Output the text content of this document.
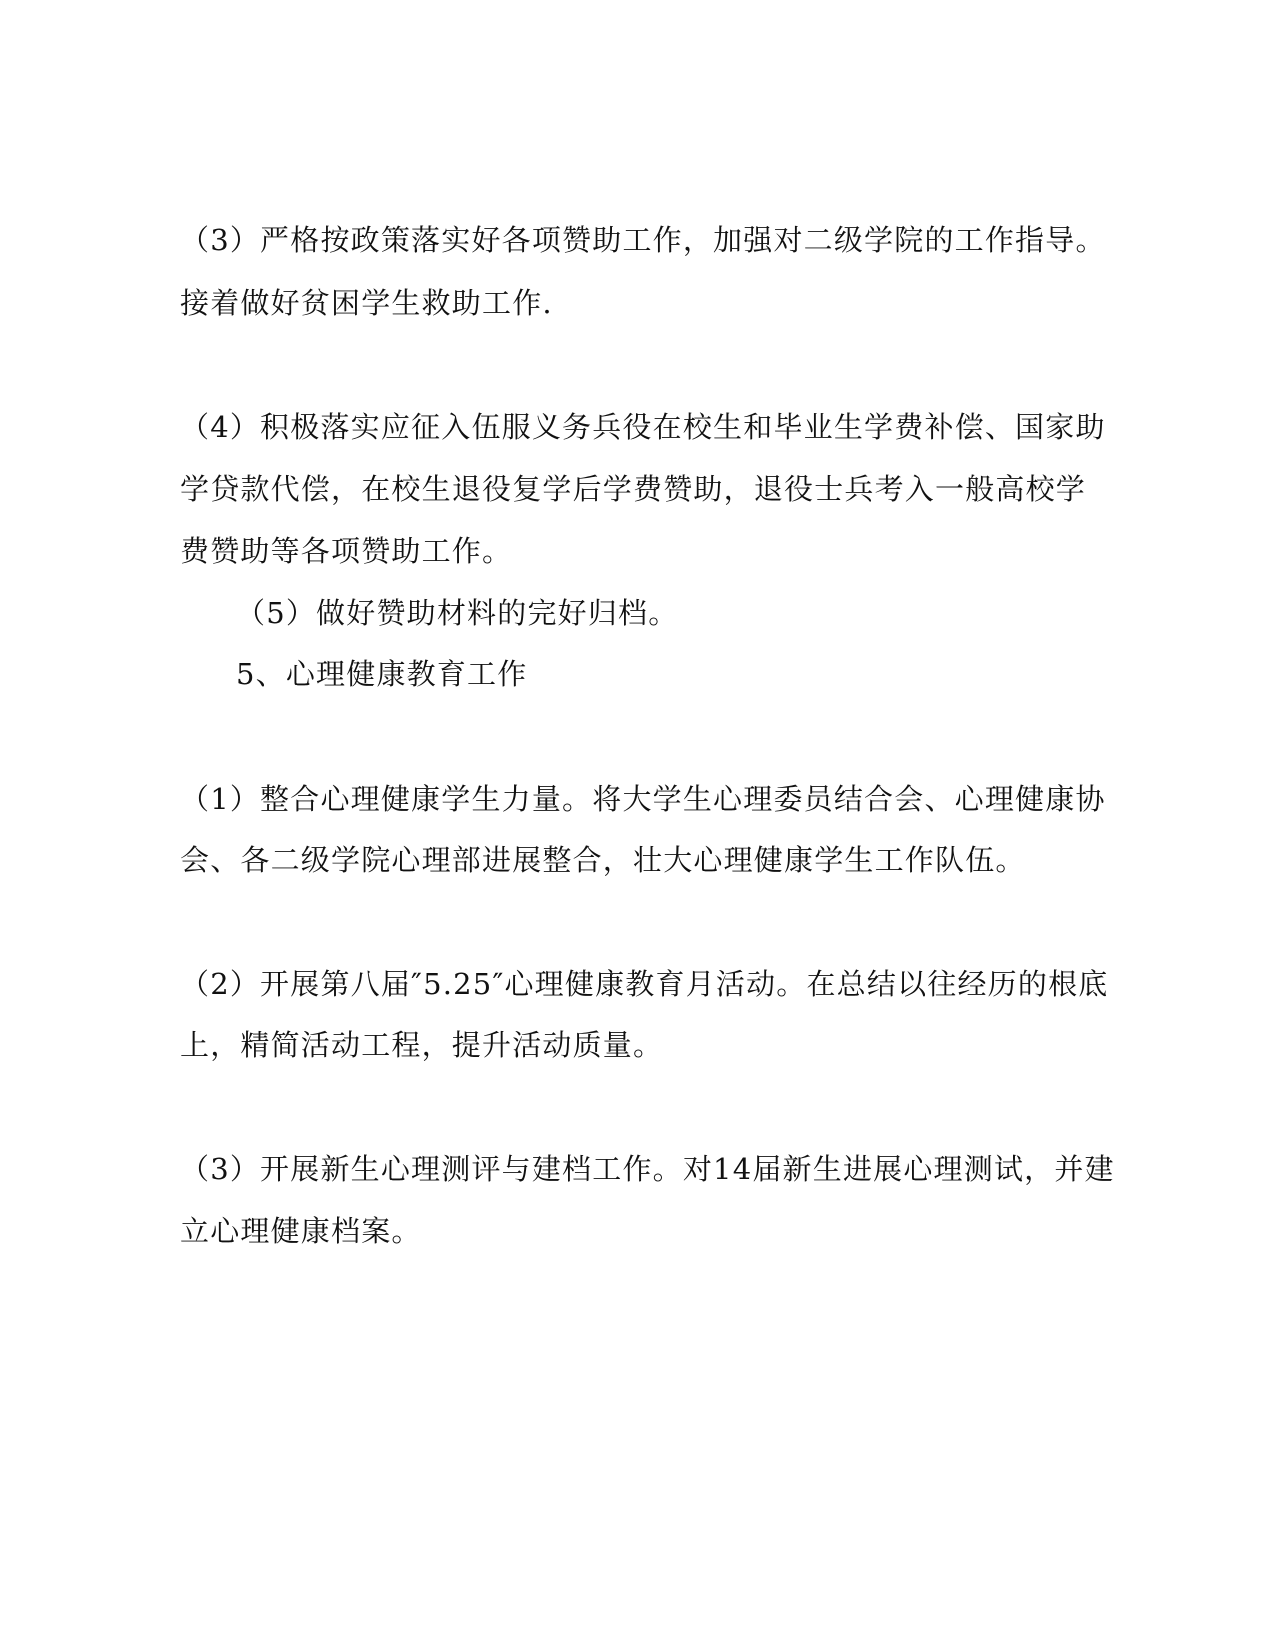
（3）严格按政策落实好各项赞助工作，加强对二级学院的工作指导。
接着做好贫困学生救助工作.
（4）积极落实应征入伍服义务兵役在校生和毕业生学费补偿、国家助
学贷款代偿，在校生退役复学后学费赞助，退役士兵考入一般高校学
费赞助等各项赞助工作。
（5）做好赞助材料的完好归档。
5、心理健康教育工作
（1）整合心理健康学生力量。将大学生心理委员结合会、心理健康协
会、各二级学院心理部进展整合，壮大心理健康学生工作队伍。
（2）开展第八届″5.25″心理健康教育月活动。在总结以往经历的根底
上，精简活动工程，提升活动质量。
（3）开展新生心理测评与建档工作。对14届新生进展心理测试，并建
立心理健康档案。
